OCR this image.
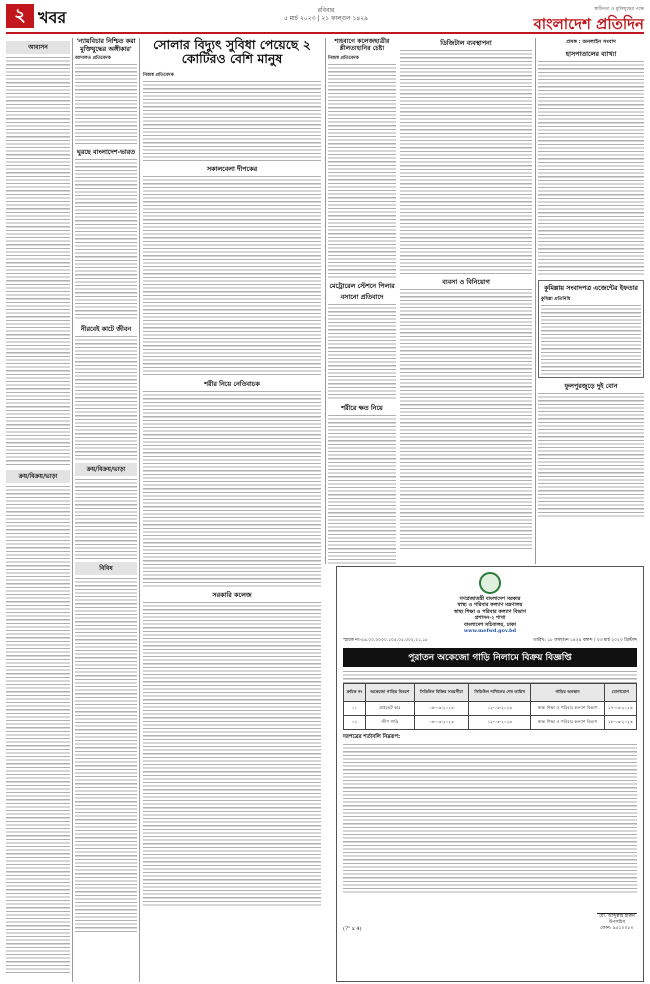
২ খবর	রবিবার
৫ মার্চ ২০২৩ | ২১ ফাল্গুন ১৪২৯
স্বাধীনতা ও মুক্তিযুদ্ধের পক্ষে
বাংলাদেশ প্রতিদিন
আবাসন
ক্রয়/বিক্রয়/ভাড়া
'ন্যায়বিচার নিশ্চিত করা মুক্তিযুদ্ধের অঙ্গীকার'
আদালত প্রতিবেদক
ঘুরছে বাংলাদেশ-ভারত
নীরবেই কাটে জীবন
ক্রয়/বিক্রয়/ভাড়া
বিবিধ
সোলার বিদ্যুৎ সুবিধা পেয়েছে ২ কোটিরও বেশি মানুষ
নিজস্ব প্রতিবেদক
সকালবেলা দীপকের
শরীর নিয়ে নেতিবাচক
সরকারি কলেজ
শাহবাগে কলেজছাত্রীর শ্লীলতাহানির চেষ্টা
নিজস্ব প্রতিবেদক
মেট্রোরেল স্টেশনে পিলার বসানো প্রতিবাদে
শরীরে ক্ষত নিয়ে
ডিজিটাল ব্যবস্থাপনা
ব্যবসা ও বিনিয়োগ
প্রসঙ্গ : অনলাইন সংবাদ
হাসপাতালের ব্যাখ্যা
কুমিল্লায় সংবাদপত্র এজেন্টের ইফতার
কুমিল্লা প্রতিনিধি
ফুলপুরজুড়ে দুই বোন
গণপ্রজাতন্ত্রী বাংলাদেশ সরকার
স্বাস্থ্য ও পরিবার কল্যাণ মন্ত্রণালয়
স্বাস্থ্য শিক্ষা ও পরিবার কল্যাণ বিভাগ
প্রশাসন-২ শাখা
বাংলাদেশ সচিবালয়, ঢাকা
www.mefwd.gov.bd
স্মারক নং-৫৯.০০.০০০০.১০৫.০৫.০০২.২১.১৮	তারিখ: ১৮ ফাল্গুন ১৪২৯ বঙ্গাব্দ / ০৩ মার্চ ২০২৩ খ্রিস্টাব্দ
পুরাতন অকেজো গাড়ি নিলামে বিক্রয় বিজ্ঞপ্তি
ক্রমিক নং	অকেজো গাড়ির বিবরণ	সিডিউল বিক্রির সময়সীমা	সিডিউল দাখিলের শেষ তারিখ	গাড়ির অবস্থান	যোগাযোগ
০১	প্রাইভেট কার	০৬-০৩-২০২৩	১২-০৩-২০২৩	স্বাস্থ্য শিক্ষা ও পরিবার কল্যাণ বিভাগ	২৭-০৩-২০২৩
০২	জীপ গাড়ি	০৬-০৩-২০২৩	১২-০৩-২০২৩	স্বাস্থ্য শিক্ষা ও পরিবার কল্যাণ বিভাগ	২৮-০৩-২০২৩
দরপত্রের শর্তাবলি নিম্নরূপ:
(7" x 4)
মো. আব্দুল্লাহ হারুন
উপসচিব
ফোন: ৯৫১০০৮০
